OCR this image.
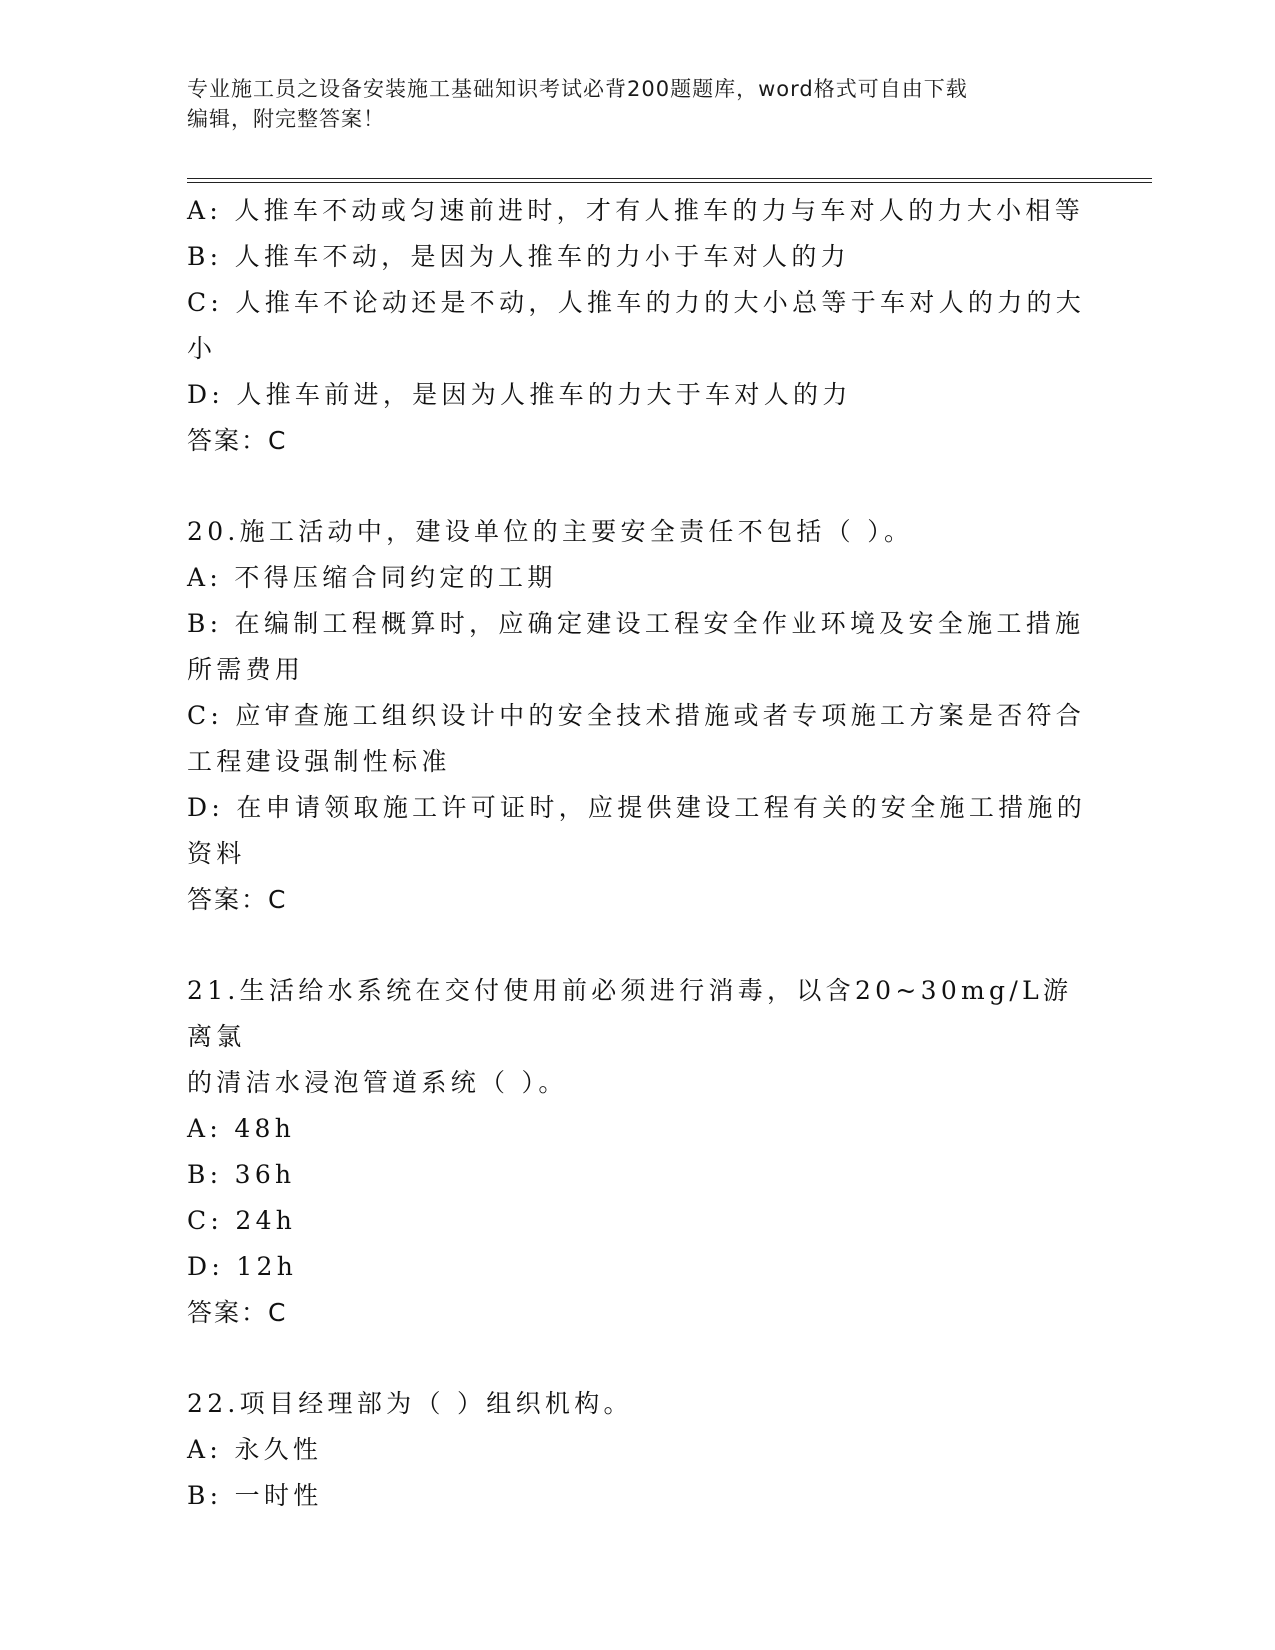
专业施工员之设备安装施工基础知识考试必背200题题库，word格式可自由下载
编辑，附完整答案！
A: 人推车不动或匀速前进时，才有人推车的力与车对人的力大小相等
B: 人推车不动，是因为人推车的力小于车对人的力
C: 人推车不论动还是不动，人推车的力的大小总等于车对人的力的大
小
D: 人推车前进，是因为人推车的力大于车对人的力
答案：C
20.施工活动中，建设单位的主要安全责任不包括（ ）。
A: 不得压缩合同约定的工期
B: 在编制工程概算时，应确定建设工程安全作业环境及安全施工措施
所需费用
C: 应审查施工组织设计中的安全技术措施或者专项施工方案是否符合
工程建设强制性标准
D: 在申请领取施工许可证时，应提供建设工程有关的安全施工措施的
资料
答案：C
21.生活给水系统在交付使用前必须进行消毒，以含20~30mg/L游离氯
的清洁水浸泡管道系统（ ）。
A: 48h
B: 36h
C: 24h
D: 12h
答案：C
22.项目经理部为（ ）组织机构。
A: 永久性
B: 一时性
